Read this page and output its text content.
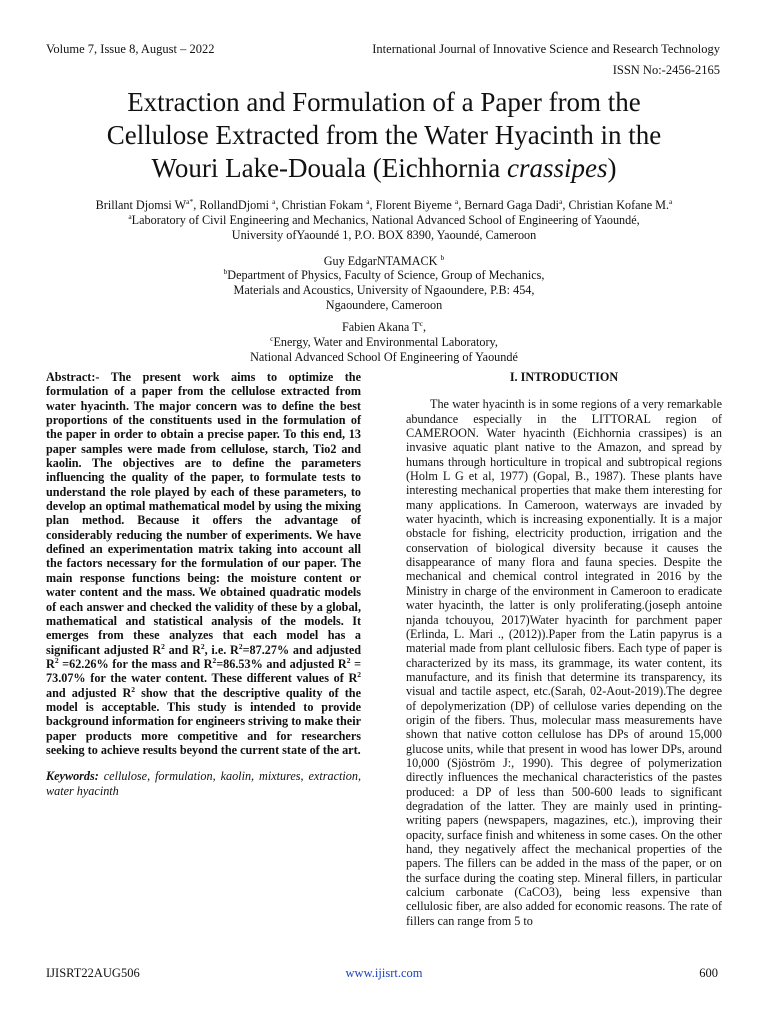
Volume 7, Issue 8, August – 2022	International Journal of Innovative Science and Research Technology
ISSN No:-2456-2165
Extraction and Formulation of a Paper from the
Cellulose Extracted from the Water Hyacinth in the
Wouri Lake-Douala (Eichhornia crassipes)
Brillant Djomsi $W^{a*}$, RollandDjomi $^a$, Christian Fokam $^a$, Florent Biyeme $^a$, Bernard Gaga Dadi$^a$, Christian Kofane M.$^a$
$^a$Laboratory of Civil Engineering and Mechanics, National Advanced School of Engineering of Yaoundé,
University ofYaoundé 1, P.O. BOX 8390, Yaoundé, Cameroon
Guy EdgarNTAMACK $^b$
$^b$Department of Physics, Faculty of Science, Group of Mechanics,
Materials and Acoustics, University of Ngaoundere, P.B: 454,
Ngaoundere, Cameroon
Fabien Akana $T^c$,
$^c$Energy, Water and Environmental Laboratory,
National Advanced School Of Engineering of Yaoundé
Abstract:- The present work aims to optimize the formulation of a paper from the cellulose extracted from water hyacinth. The major concern was to define the best proportions of the constituents used in the formulation of the paper in order to obtain a precise paper. To this end, 13 paper samples were made from cellulose, starch, Tio2 and kaolin. The objectives are to define the parameters influencing the quality of the paper, to formulate tests to understand the role played by each of these parameters, to develop an optimal mathematical model by using the mixing plan method. Because it offers the advantage of considerably reducing the number of experiments. We have defined an experimentation matrix taking into account all the factors necessary for the formulation of our paper. The main response functions being: the moisture content or water content and the mass. We obtained quadratic models of each answer and checked the validity of these by a global, mathematical and statistical analysis of the models. It emerges from these analyzes that each model has a significant adjusted $R^2$ and $R^2$, i.e. $R^2=87.27\%$ and adjusted $R^2 =62.26\%$ for the mass and $R^2=86.53\%$ and adjusted $R^2 = 73.07\%$ for the water content. These different values of $R^2$ and adjusted $R^2$ show that the descriptive quality of the model is acceptable. This study is intended to provide background information for engineers striving to make their paper products more competitive and for researchers seeking to achieve results beyond the current state of the art.
Keywords: cellulose, formulation, kaolin, mixtures, extraction, water hyacinth
I. INTRODUCTION
The water hyacinth is in some regions of a very remarkable abundance especially in the LITTORAL region of CAMEROON. Water hyacinth (Eichhornia crassipes) is an invasive aquatic plant native to the Amazon, and spread by humans through horticulture in tropical and subtropical regions (Holm L G et al, 1977) (Gopal, B., 1987). These plants have interesting mechanical properties that make them interesting for many applications. In Cameroon, waterways are invaded by water hyacinth, which is increasing exponentially. It is a major obstacle for fishing, electricity production, irrigation and the conservation of biological diversity because it causes the disappearance of many flora and fauna species. Despite the mechanical and chemical control integrated in 2016 by the Ministry in charge of the environment in Cameroon to eradicate water hyacinth, the latter is only proliferating.(joseph antoine njanda tchouyou, 2017)Water hyacinth for parchment paper (Erlinda, L. Mari ., (2012)).Paper from the Latin papyrus is a material made from plant cellulosic fibers. Each type of paper is characterized by its mass, its grammage, its water content, its manufacture, and its finish that determine its transparency, its visual and tactile aspect, etc.(Sarah, 02-Aout-2019).The degree of depolymerization (DP) of cellulose varies depending on the origin of the fibers. Thus, molecular mass measurements have shown that native cotton cellulose has DPs of around 15,000 glucose units, while that present in wood has lower DPs, around 10,000 (Sjöström J:, 1990). This degree of polymerization directly influences the mechanical characteristics of the pastes produced: a DP of less than 500-600 leads to significant degradation of the latter. They are mainly used in printing-writing papers (newspapers, magazines, etc.), improving their opacity, surface finish and whiteness in some cases. On the other hand, they negatively affect the mechanical properties of the papers. The fillers can be added in the mass of the paper, or on the surface during the coating step. Mineral fillers, in particular calcium carbonate (CaCO3), being less expensive than cellulosic fiber, are also added for economic reasons. The rate of fillers can range from 5 to
IJISRT22AUG506	www.ijisrt.com	600
